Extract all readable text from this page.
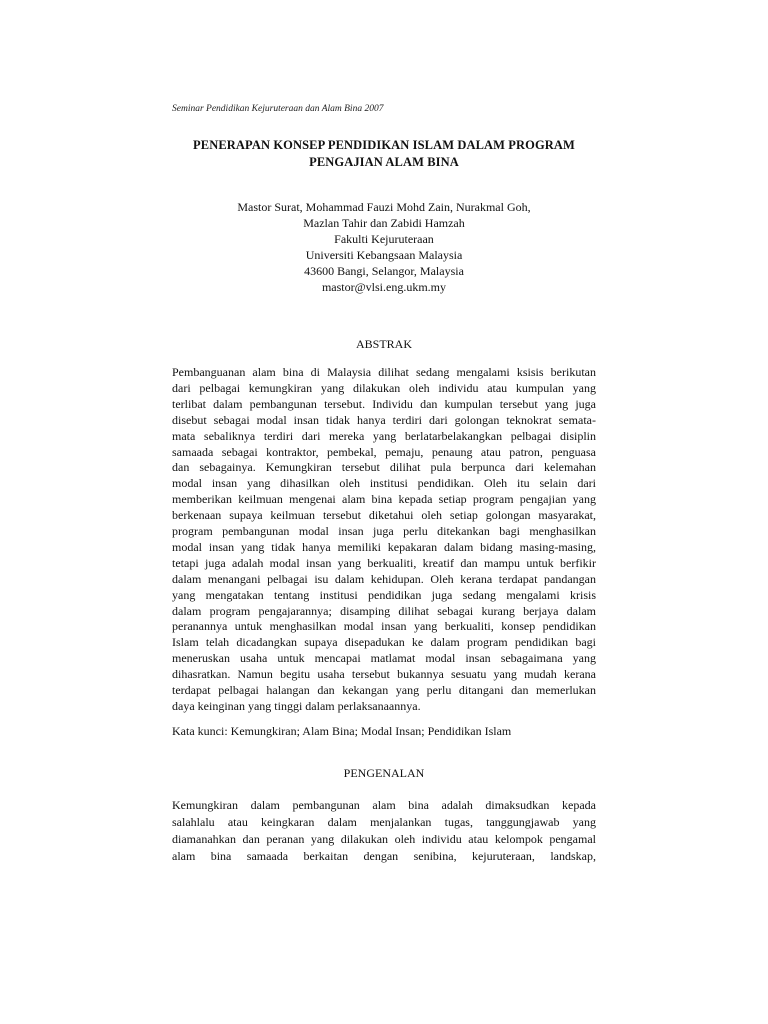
Seminar Pendidikan Kejuruteraan dan Alam Bina 2007
PENERAPAN KONSEP PENDIDIKAN ISLAM DALAM PROGRAM
PENGAJIAN ALAM BINA
Mastor Surat, Mohammad Fauzi Mohd Zain, Nurakmal Goh,
Mazlan Tahir dan Zabidi Hamzah
Fakulti Kejuruteraan
Universiti Kebangsaan Malaysia
43600 Bangi, Selangor, Malaysia
mastor@vlsi.eng.ukm.my
ABSTRAK
Pembanguanan alam bina di Malaysia dilihat sedang mengalami ksisis berikutan
dari pelbagai kemungkiran yang dilakukan oleh individu atau kumpulan yang
terlibat dalam pembangunan tersebut. Individu dan kumpulan tersebut yang juga
disebut sebagai modal insan tidak hanya terdiri dari golongan teknokrat semata-
mata sebaliknya terdiri dari mereka yang berlatarbelakangkan pelbagai disiplin
samaada sebagai kontraktor, pembekal, pemaju, penaung atau patron, penguasa
dan sebagainya. Kemungkiran tersebut dilihat pula berpunca dari kelemahan
modal insan yang dihasilkan oleh institusi pendidikan. Oleh itu selain dari
memberikan keilmuan mengenai alam bina kepada setiap program pengajian yang
berkenaan supaya keilmuan tersebut diketahui oleh setiap golongan masyarakat,
program pembangunan modal insan juga perlu ditekankan bagi menghasilkan
modal insan yang tidak hanya memiliki kepakaran dalam bidang masing-masing,
tetapi juga adalah modal insan yang berkualiti, kreatif dan mampu untuk berfikir
dalam menangani pelbagai isu dalam kehidupan. Oleh kerana terdapat pandangan
yang mengatakan tentang institusi pendidikan juga sedang mengalami krisis
dalam program pengajarannya; disamping dilihat sebagai kurang berjaya dalam
peranannya untuk menghasilkan modal insan yang berkualiti, konsep pendidikan
Islam telah dicadangkan supaya disepadukan ke dalam program pendidikan bagi
meneruskan usaha untuk mencapai matlamat modal insan sebagaimana yang
dihasratkan. Namun begitu usaha tersebut bukannya sesuatu yang mudah kerana
terdapat pelbagai halangan dan kekangan yang perlu ditangani dan memerlukan
daya keinginan yang tinggi dalam perlaksanaannya.
Kata kunci: Kemungkiran; Alam Bina; Modal Insan; Pendidikan Islam
PENGENALAN
Kemungkiran dalam pembangunan alam bina adalah dimaksudkan kepada
salahlalu atau keingkaran dalam menjalankan tugas, tanggungjawab yang
diamanahkan dan peranan yang dilakukan oleh individu atau kelompok pengamal
alam bina samaada berkaitan dengan senibina, kejuruteraan, landskap,
